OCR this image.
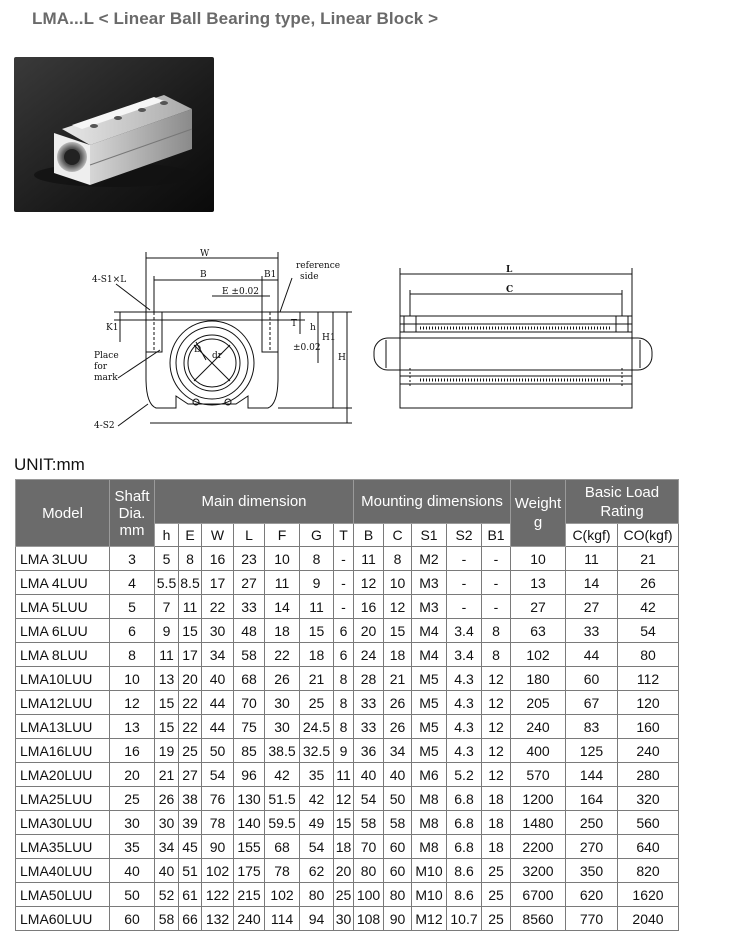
LMA...L < Linear Ball Bearing type, Linear Block >
W
B	B1
E ±0.02
reference
side
4-S1×L
K1	T h
±0.02
H1
H
D
dr
Place
for
mark
4-S2
L
C
UNIT:mm
Model	Shaft
Dia.
mm	Main dimension							Mounting dimensions					Weight
g	Basic Load
Rating	
		h	E	W	L	F	G	T	B	C	S1	S2	B1		C(kgf)	CO(kgf)
LMA 3LUU	3	5	8	16	23	10	8	-	11	8	M2	-	-	10	11	21
LMA 4LUU	4	5.5	8.5	17	27	11	9	-	12	10	M3	-	-	13	14	26
LMA 5LUU	5	7	11	22	33	14	11	-	16	12	M3	-	-	27	27	42
LMA 6LUU	6	9	15	30	48	18	15	6	20	15	M4	3.4	8	63	33	54
LMA 8LUU	8	11	17	34	58	22	18	6	24	18	M4	3.4	8	102	44	80
LMA10LUU	10	13	20	40	68	26	21	8	28	21	M5	4.3	12	180	60	112
LMA12LUU	12	15	22	44	70	30	25	8	33	26	M5	4.3	12	205	67	120
LMA13LUU	13	15	22	44	75	30	24.5	8	33	26	M5	4.3	12	240	83	160
LMA16LUU	16	19	25	50	85	38.5	32.5	9	36	34	M5	4.3	12	400	125	240
LMA20LUU	20	21	27	54	96	42	35	11	40	40	M6	5.2	12	570	144	280
LMA25LUU	25	26	38	76	130	51.5	42	12	54	50	M8	6.8	18	1200	164	320
LMA30LUU	30	30	39	78	140	59.5	49	15	58	58	M8	6.8	18	1480	250	560
LMA35LUU	35	34	45	90	155	68	54	18	70	60	M8	6.8	18	2200	270	640
LMA40LUU	40	40	51	102	175	78	62	20	80	60	M10	8.6	25	3200	350	820
LMA50LUU	50	52	61	122	215	102	80	25	100	80	M10	8.6	25	6700	620	1620
LMA60LUU	60	58	66	132	240	114	94	30	108	90	M12	10.7	25	8560	770	2040
